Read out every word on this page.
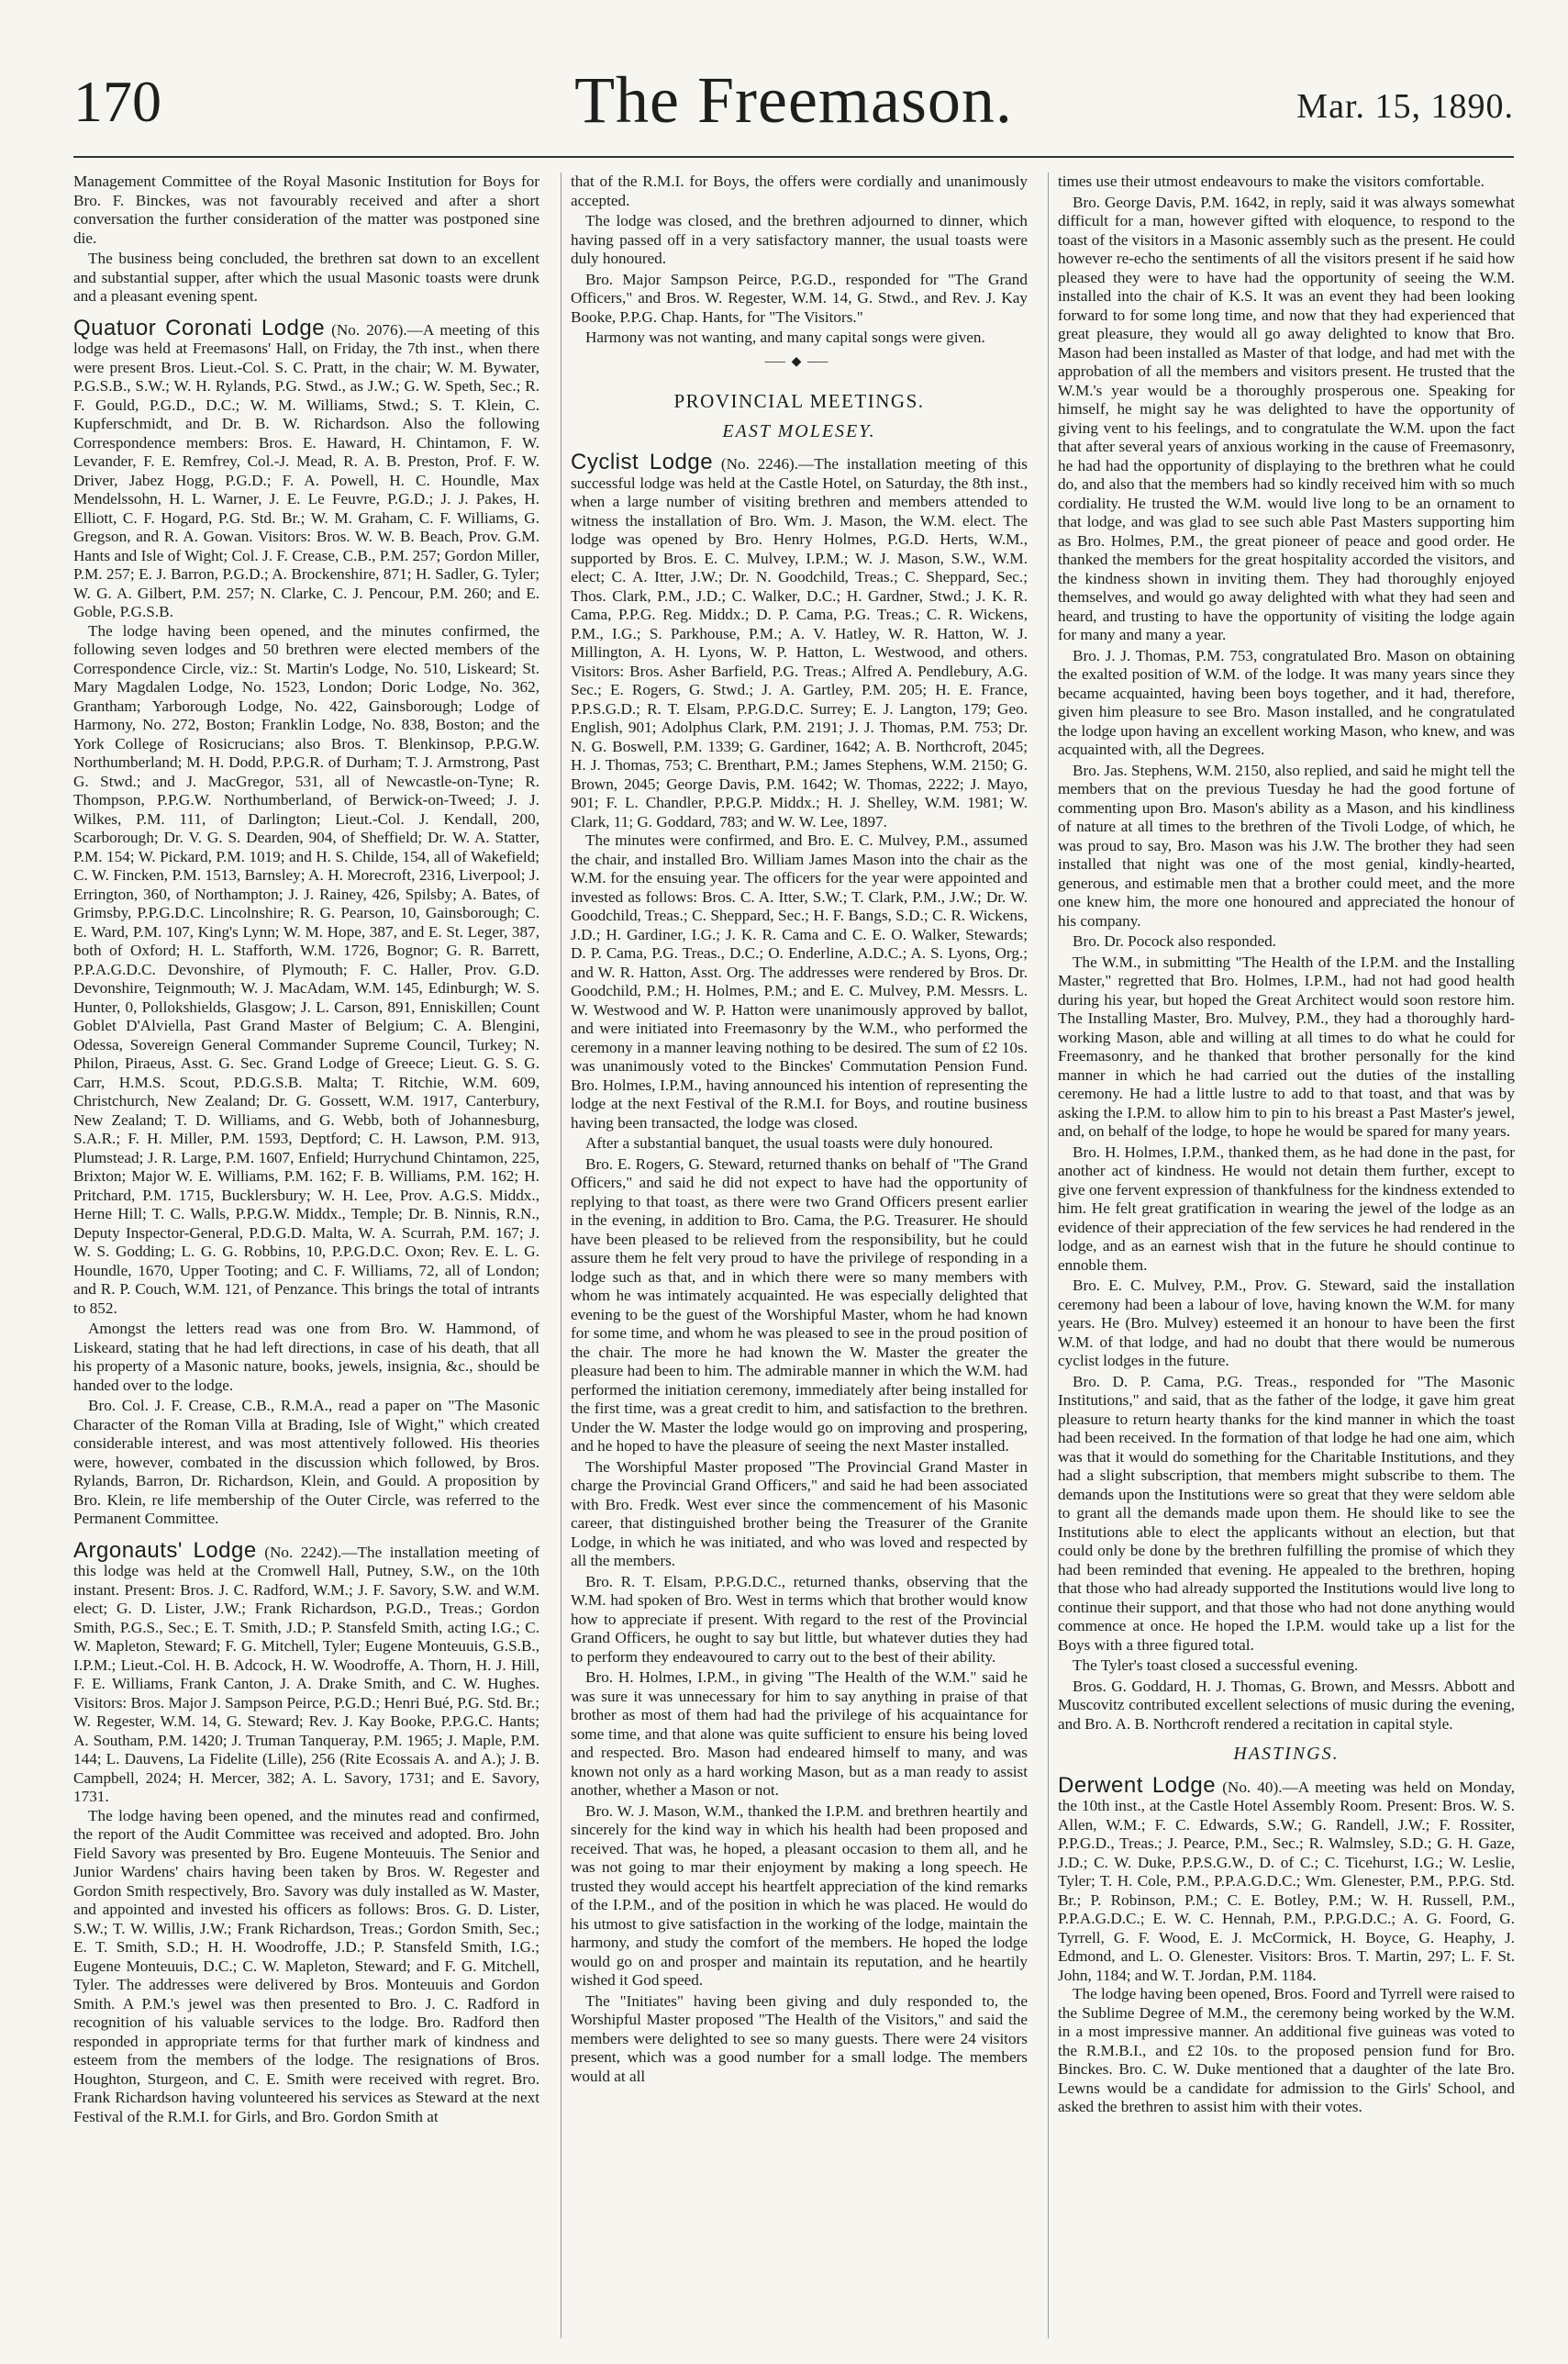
170	The Freemason.	Mar. 15, 1890.

Management Committee of the Royal Masonic Institution for Boys for Bro. F. Binckes, was not favourably received and after a short conversation the further consideration of the matter was postponed sine die.

The business being concluded, the brethren sat down to an excellent and substantial supper, after which the usual Masonic toasts were drunk and a pleasant evening spent.

Quatuor Coronati Lodge (No. 2076).—A meeting of this lodge was held at Freemasons' Hall, on Friday, the 7th inst., when there were present Bros. Lieut.-Col. S. C. Pratt, in the chair; W. M. Bywater, P.G.S.B., S.W.; W. H. Rylands, P.G. Stwd., as J.W.; G. W. Speth, Sec.; R. F. Gould, P.G.D., D.C.; W. M. Williams, Stwd.; S. T. Klein, C. Kupferschmidt, and Dr. B. W. Richardson. Also the following Correspondence members: Bros. E. Haward, H. Chintamon, F. W. Levander, F. E. Remfrey, Col.-J. Mead, R. A. B. Preston, Prof. F. W. Driver, Jabez Hogg, P.G.D.; F. A. Powell, H. C. Houndle, Max Mendelssohn, H. L. Warner, J. E. Le Feuvre, P.G.D.; J. J. Pakes, H. Elliott, C. F. Hogard, P.G. Std. Br.; W. M. Graham, C. F. Williams, G. Gregson, and R. A. Gowan. Visitors: Bros. W. W. B. Beach, Prov. G.M. Hants and Isle of Wight; Col. J. F. Crease, C.B., P.M. 257; Gordon Miller, P.M. 257; E. J. Barron, P.G.D.; A. Brockenshire, 871; H. Sadler, G. Tyler; W. G. A. Gilbert, P.M. 257; N. Clarke, C. J. Pencour, P.M. 260; and E. Goble, P.G.S.B.

The lodge having been opened, and the minutes confirmed, the following seven lodges and 50 brethren were elected members of the Correspondence Circle, viz.: St. Martin's Lodge, No. 510, Liskeard; St. Mary Magdalen Lodge, No. 1523, London; Doric Lodge, No. 362, Grantham; Yarborough Lodge, No. 422, Gainsborough; Lodge of Harmony, No. 272, Boston; Franklin Lodge, No. 838, Boston; and the York College of Rosicrucians; also Bros. T. Blenkinsop, P.P.G.W. Northumberland; M. H. Dodd, P.P.G.R. of Durham; T. J. Armstrong, Past G. Stwd.; and J. MacGregor, 531, all of Newcastle-on-Tyne; R. Thompson, P.P.G.W. Northumberland, of Berwick-on-Tweed; J. J. Wilkes, P.M. 111, of Darlington; Lieut.-Col. J. Kendall, 200, Scarborough; Dr. V. G. S. Dearden, 904, of Sheffield; Dr. W. A. Statter, P.M. 154; W. Pickard, P.M. 1019; and H. S. Childe, 154, all of Wakefield; C. W. Fincken, P.M. 1513, Barnsley; A. H. Morecroft, 2316, Liverpool; J. Errington, 360, of Northampton; J. J. Rainey, 426, Spilsby; A. Bates, of Grimsby, P.P.G.D.C. Lincolnshire; R. G. Pearson, 10, Gainsborough; C. E. Ward, P.M. 107, King's Lynn; W. M. Hope, 387, and E. St. Leger, 387, both of Oxford; H. L. Stafforth, W.M. 1726, Bognor; G. R. Barrett, P.P.A.G.D.C. Devonshire, of Plymouth; F. C. Haller, Prov. G.D. Devonshire, Teignmouth; W. J. MacAdam, W.M. 145, Edinburgh; W. S. Hunter, 0, Pollokshields, Glasgow; J. L. Carson, 891, Enniskillen; Count Goblet D'Alviella, Past Grand Master of Belgium; C. A. Blengini, Odessa, Sovereign General Commander Supreme Council, Turkey; N. Philon, Piraeus, Asst. G. Sec. Grand Lodge of Greece; Lieut. G. S. G. Carr, H.M.S. Scout, P.D.G.S.B. Malta; T. Ritchie, W.M. 609, Christchurch, New Zealand; Dr. G. Gossett, W.M. 1917, Canterbury, New Zealand; T. D. Williams, and G. Webb, both of Johannesburg, S.A.R.; F. H. Miller, P.M. 1593, Deptford; C. H. Lawson, P.M. 913, Plumstead; J. R. Large, P.M. 1607, Enfield; Hurrychund Chintamon, 225, Brixton; Major W. E. Williams, P.M. 162; F. B. Williams, P.M. 162; H. Pritchard, P.M. 1715, Bucklersbury; W. H. Lee, Prov. A.G.S. Middx., Herne Hill; T. C. Walls, P.P.G.W. Middx., Temple; Dr. B. Ninnis, R.N., Deputy Inspector-General, P.D.G.D. Malta, W. A. Scurrah, P.M. 167; J. W. S. Godding; L. G. G. Robbins, 10, P.P.G.D.C. Oxon; Rev. E. L. G. Houndle, 1670, Upper Tooting; and C. F. Williams, 72, all of London; and R. P. Couch, W.M. 121, of Penzance. This brings the total of intrants to 852.

Amongst the letters read was one from Bro. W. Hammond, of Liskeard, stating that he had left directions, in case of his death, that all his property of a Masonic nature, books, jewels, insignia, &c., should be handed over to the lodge.

Bro. Col. J. F. Crease, C.B., R.M.A., read a paper on "The Masonic Character of the Roman Villa at Brading, Isle of Wight," which created considerable interest, and was most attentively followed. His theories were, however, combated in the discussion which followed, by Bros. Rylands, Barron, Dr. Richardson, Klein, and Gould. A proposition by Bro. Klein, re life membership of the Outer Circle, was referred to the Permanent Committee.

Argonauts' Lodge (No. 2242).—The installation meeting of this lodge was held at the Cromwell Hall, Putney, S.W., on the 10th instant. Present: Bros. J. C. Radford, W.M.; J. F. Savory, S.W. and W.M. elect; G. D. Lister, J.W.; Frank Richardson, P.G.D., Treas.; Gordon Smith, P.G.S., Sec.; E. T. Smith, J.D.; P. Stansfeld Smith, acting I.G.; C. W. Mapleton, Steward; F. G. Mitchell, Tyler; Eugene Monteuuis, G.S.B., I.P.M.; Lieut.-Col. H. B. Adcock, H. W. Woodroffe, A. Thorn, H. J. Hill, F. E. Williams, Frank Canton, J. A. Drake Smith, and C. W. Hughes. Visitors: Bros. Major J. Sampson Peirce, P.G.D.; Henri Bué, P.G. Std. Br.; W. Regester, W.M. 14, G. Steward; Rev. J. Kay Booke, P.P.G.C. Hants; A. Southam, P.M. 1420; J. Truman Tanqueray, P.M. 1965; J. Maple, P.M. 144; L. Dauvens, La Fidelite (Lille), 256 (Rite Ecossais A. and A.); J. B. Campbell, 2024; H. Mercer, 382; A. L. Savory, 1731; and E. Savory, 1731.

The lodge having been opened, and the minutes read and confirmed, the report of the Audit Committee was received and adopted. Bro. John Field Savory was presented by Bro. Eugene Monteuuis. The Senior and Junior Wardens' chairs having been taken by Bros. W. Regester and Gordon Smith respectively, Bro. Savory was duly installed as W. Master, and appointed and invested his officers as follows: Bros. G. D. Lister, S.W.; T. W. Willis, J.W.; Frank Richardson, Treas.; Gordon Smith, Sec.; E. T. Smith, S.D.; H. H. Woodroffe, J.D.; P. Stansfeld Smith, I.G.; Eugene Monteuuis, D.C.; C. W. Mapleton, Steward; and F. G. Mitchell, Tyler. The addresses were delivered by Bros. Monteuuis and Gordon Smith. A P.M.'s jewel was then presented to Bro. J. C. Radford in recognition of his valuable services to the lodge. Bro. Radford then responded in appropriate terms for that further mark of kindness and esteem from the members of the lodge. The resignations of Bros. Houghton, Sturgeon, and C. E. Smith were received with regret. Bro. Frank Richardson having volunteered his services as Steward at the next Festival of the R.M.I. for Girls, and Bro. Gordon Smith at

that of the R.M.I. for Boys, the offers were cordially and unanimously accepted.

The lodge was closed, and the brethren adjourned to dinner, which having passed off in a very satisfactory manner, the usual toasts were duly honoured.

Bro. Major Sampson Peirce, P.G.D., responded for "The Grand Officers," and Bros. W. Regester, W.M. 14, G. Stwd., and Rev. J. Kay Booke, P.P.G. Chap. Hants, for "The Visitors."

Harmony was not wanting, and many capital songs were given.

⸺◆⸺
PROVINCIAL MEETINGS.
EAST MOLESEY.
Cyclist Lodge (No. 2246).—The installation meeting of this successful lodge was held at the Castle Hotel, on Saturday, the 8th inst., when a large number of visiting brethren and members attended to witness the installation of Bro. Wm. J. Mason, the W.M. elect. The lodge was opened by Bro. Henry Holmes, P.G.D. Herts, W.M., supported by Bros. E. C. Mulvey, I.P.M.; W. J. Mason, S.W., W.M. elect; C. A. Itter, J.W.; Dr. N. Goodchild, Treas.; C. Sheppard, Sec.; Thos. Clark, P.M., J.D.; C. Walker, D.C.; H. Gardner, Stwd.; J. K. R. Cama, P.P.G. Reg. Middx.; D. P. Cama, P.G. Treas.; C. R. Wickens, P.M., I.G.; S. Parkhouse, P.M.; A. V. Hatley, W. R. Hatton, W. J. Millington, A. H. Lyons, W. P. Hatton, L. Westwood, and others. Visitors: Bros. Asher Barfield, P.G. Treas.; Alfred A. Pendlebury, A.G. Sec.; E. Rogers, G. Stwd.; J. A. Gartley, P.M. 205; H. E. France, P.P.S.G.D.; R. T. Elsam, P.P.G.D.C. Surrey; E. J. Langton, 179; Geo. English, 901; Adolphus Clark, P.M. 2191; J. J. Thomas, P.M. 753; Dr. N. G. Boswell, P.M. 1339; G. Gardiner, 1642; A. B. Northcroft, 2045; H. J. Thomas, 753; C. Brenthart, P.M.; James Stephens, W.M. 2150; G. Brown, 2045; George Davis, P.M. 1642; W. Thomas, 2222; J. Mayo, 901; F. L. Chandler, P.P.G.P. Middx.; H. J. Shelley, W.M. 1981; W. Clark, 11; G. Goddard, 783; and W. W. Lee, 1897.

The minutes were confirmed, and Bro. E. C. Mulvey, P.M., assumed the chair, and installed Bro. William James Mason into the chair as the W.M. for the ensuing year. The officers for the year were appointed and invested as follows: Bros. C. A. Itter, S.W.; T. Clark, P.M., J.W.; Dr. W. Goodchild, Treas.; C. Sheppard, Sec.; H. F. Bangs, S.D.; C. R. Wickens, J.D.; H. Gardiner, I.G.; J. K. R. Cama and C. E. O. Walker, Stewards; D. P. Cama, P.G. Treas., D.C.; O. Enderline, A.D.C.; A. S. Lyons, Org.; and W. R. Hatton, Asst. Org. The addresses were rendered by Bros. Dr. Goodchild, P.M.; H. Holmes, P.M.; and E. C. Mulvey, P.M. Messrs. L. W. Westwood and W. P. Hatton were unanimously approved by ballot, and were initiated into Freemasonry by the W.M., who performed the ceremony in a manner leaving nothing to be desired. The sum of £2 10s. was unanimously voted to the Binckes' Commutation Pension Fund. Bro. Holmes, I.P.M., having announced his intention of representing the lodge at the next Festival of the R.M.I. for Boys, and routine business having been transacted, the lodge was closed.

After a substantial banquet, the usual toasts were duly honoured.

Bro. E. Rogers, G. Steward, returned thanks on behalf of "The Grand Officers," and said he did not expect to have had the opportunity of replying to that toast, as there were two Grand Officers present earlier in the evening, in addition to Bro. Cama, the P.G. Treasurer. He should have been pleased to be relieved from the responsibility, but he could assure them he felt very proud to have the privilege of responding in a lodge such as that, and in which there were so many members with whom he was intimately acquainted. He was especially delighted that evening to be the guest of the Worshipful Master, whom he had known for some time, and whom he was pleased to see in the proud position of the chair. The more he had known the W. Master the greater the pleasure had been to him. The admirable manner in which the W.M. had performed the initiation ceremony, immediately after being installed for the first time, was a great credit to him, and satisfaction to the brethren. Under the W. Master the lodge would go on improving and prospering, and he hoped to have the pleasure of seeing the next Master installed.

The Worshipful Master proposed "The Provincial Grand Master in charge the Provincial Grand Officers," and said he had been associated with Bro. Fredk. West ever since the commencement of his Masonic career, that distinguished brother being the Treasurer of the Granite Lodge, in which he was initiated, and who was loved and respected by all the members.

Bro. R. T. Elsam, P.P.G.D.C., returned thanks, observing that the W.M. had spoken of Bro. West in terms which that brother would know how to appreciate if present. With regard to the rest of the Provincial Grand Officers, he ought to say but little, but whatever duties they had to perform they endeavoured to carry out to the best of their ability.

Bro. H. Holmes, I.P.M., in giving "The Health of the W.M." said he was sure it was unnecessary for him to say anything in praise of that brother as most of them had had the privilege of his acquaintance for some time, and that alone was quite sufficient to ensure his being loved and respected. Bro. Mason had endeared himself to many, and was known not only as a hard working Mason, but as a man ready to assist another, whether a Mason or not.

Bro. W. J. Mason, W.M., thanked the I.P.M. and brethren heartily and sincerely for the kind way in which his health had been proposed and received. That was, he hoped, a pleasant occasion to them all, and he was not going to mar their enjoyment by making a long speech. He trusted they would accept his heartfelt appreciation of the kind remarks of the I.P.M., and of the position in which he was placed. He would do his utmost to give satisfaction in the working of the lodge, maintain the harmony, and study the comfort of the members. He hoped the lodge would go on and prosper and maintain its reputation, and he heartily wished it God speed.

The "Initiates" having been giving and duly responded to, the Worshipful Master proposed "The Health of the Visitors," and said the members were delighted to see so many guests. There were 24 visitors present, which was a good number for a small lodge. The members would at all

times use their utmost endeavours to make the visitors comfortable.

Bro. George Davis, P.M. 1642, in reply, said it was always somewhat difficult for a man, however gifted with eloquence, to respond to the toast of the visitors in a Masonic assembly such as the present. He could however re-echo the sentiments of all the visitors present if he said how pleased they were to have had the opportunity of seeing the W.M. installed into the chair of K.S. It was an event they had been looking forward to for some long time, and now that they had experienced that great pleasure, they would all go away delighted to know that Bro. Mason had been installed as Master of that lodge, and had met with the approbation of all the members and visitors present. He trusted that the W.M.'s year would be a thoroughly prosperous one. Speaking for himself, he might say he was delighted to have the opportunity of giving vent to his feelings, and to congratulate the W.M. upon the fact that after several years of anxious working in the cause of Freemasonry, he had had the opportunity of displaying to the brethren what he could do, and also that the members had so kindly received him with so much cordiality. He trusted the W.M. would live long to be an ornament to that lodge, and was glad to see such able Past Masters supporting him as Bro. Holmes, P.M., the great pioneer of peace and good order. He thanked the members for the great hospitality accorded the visitors, and the kindness shown in inviting them. They had thoroughly enjoyed themselves, and would go away delighted with what they had seen and heard, and trusting to have the opportunity of visiting the lodge again for many and many a year.

Bro. J. J. Thomas, P.M. 753, congratulated Bro. Mason on obtaining the exalted position of W.M. of the lodge. It was many years since they became acquainted, having been boys together, and it had, therefore, given him pleasure to see Bro. Mason installed, and he congratulated the lodge upon having an excellent working Mason, who knew, and was acquainted with, all the Degrees.

Bro. Jas. Stephens, W.M. 2150, also replied, and said he might tell the members that on the previous Tuesday he had the good fortune of commenting upon Bro. Mason's ability as a Mason, and his kindliness of nature at all times to the brethren of the Tivoli Lodge, of which, he was proud to say, Bro. Mason was his J.W. The brother they had seen installed that night was one of the most genial, kindly-hearted, generous, and estimable men that a brother could meet, and the more one knew him, the more one honoured and appreciated the honour of his company.

Bro. Dr. Pocock also responded.

The W.M., in submitting "The Health of the I.P.M. and the Installing Master," regretted that Bro. Holmes, I.P.M., had not had good health during his year, but hoped the Great Architect would soon restore him. The Installing Master, Bro. Mulvey, P.M., they had a thoroughly hard-working Mason, able and willing at all times to do what he could for Freemasonry, and he thanked that brother personally for the kind manner in which he had carried out the duties of the installing ceremony. He had a little lustre to add to that toast, and that was by asking the I.P.M. to allow him to pin to his breast a Past Master's jewel, and, on behalf of the lodge, to hope he would be spared for many years.

Bro. H. Holmes, I.P.M., thanked them, as he had done in the past, for another act of kindness. He would not detain them further, except to give one fervent expression of thankfulness for the kindness extended to him. He felt great gratification in wearing the jewel of the lodge as an evidence of their appreciation of the few services he had rendered in the lodge, and as an earnest wish that in the future he should continue to ennoble them.

Bro. E. C. Mulvey, P.M., Prov. G. Steward, said the installation ceremony had been a labour of love, having known the W.M. for many years. He (Bro. Mulvey) esteemed it an honour to have been the first W.M. of that lodge, and had no doubt that there would be numerous cyclist lodges in the future.

Bro. D. P. Cama, P.G. Treas., responded for "The Masonic Institutions," and said, that as the father of the lodge, it gave him great pleasure to return hearty thanks for the kind manner in which the toast had been received. In the formation of that lodge he had one aim, which was that it would do something for the Charitable Institutions, and they had a slight subscription, that members might subscribe to them. The demands upon the Institutions were so great that they were seldom able to grant all the demands made upon them. He should like to see the Institutions able to elect the applicants without an election, but that could only be done by the brethren fulfilling the promise of which they had been reminded that evening. He appealed to the brethren, hoping that those who had already supported the Institutions would live long to continue their support, and that those who had not done anything would commence at once. He hoped the I.P.M. would take up a list for the Boys with a three figured total.

The Tyler's toast closed a successful evening.

Bros. G. Goddard, H. J. Thomas, G. Brown, and Messrs. Abbott and Muscovitz contributed excellent selections of music during the evening, and Bro. A. B. Northcroft rendered a recitation in capital style.

HASTINGS.
Derwent Lodge (No. 40).—A meeting was held on Monday, the 10th inst., at the Castle Hotel Assembly Room. Present: Bros. W. S. Allen, W.M.; F. C. Edwards, S.W.; G. Randell, J.W.; F. Rossiter, P.P.G.D., Treas.; J. Pearce, P.M., Sec.; R. Walmsley, S.D.; G. H. Gaze, J.D.; C. W. Duke, P.P.S.G.W., D. of C.; C. Ticehurst, I.G.; W. Leslie, Tyler; T. H. Cole, P.M., P.P.A.G.D.C.; Wm. Glenester, P.M., P.P.G. Std. Br.; P. Robinson, P.M.; C. E. Botley, P.M.; W. H. Russell, P.M., P.P.A.G.D.C.; E. W. C. Hennah, P.M., P.P.G.D.C.; A. G. Foord, G. Tyrrell, G. F. Wood, E. J. McCormick, H. Boyce, G. Heaphy, J. Edmond, and L. O. Glenester. Visitors: Bros. T. Martin, 297; L. F. St. John, 1184; and W. T. Jordan, P.M. 1184.

The lodge having been opened, Bros. Foord and Tyrrell were raised to the Sublime Degree of M.M., the ceremony being worked by the W.M. in a most impressive manner. An additional five guineas was voted to the R.M.B.I., and £2 10s. to the proposed pension fund for Bro. Binckes. Bro. C. W. Duke mentioned that a daughter of the late Bro. Lewns would be a candidate for admission to the Girls' School, and asked the brethren to assist him with their votes.
